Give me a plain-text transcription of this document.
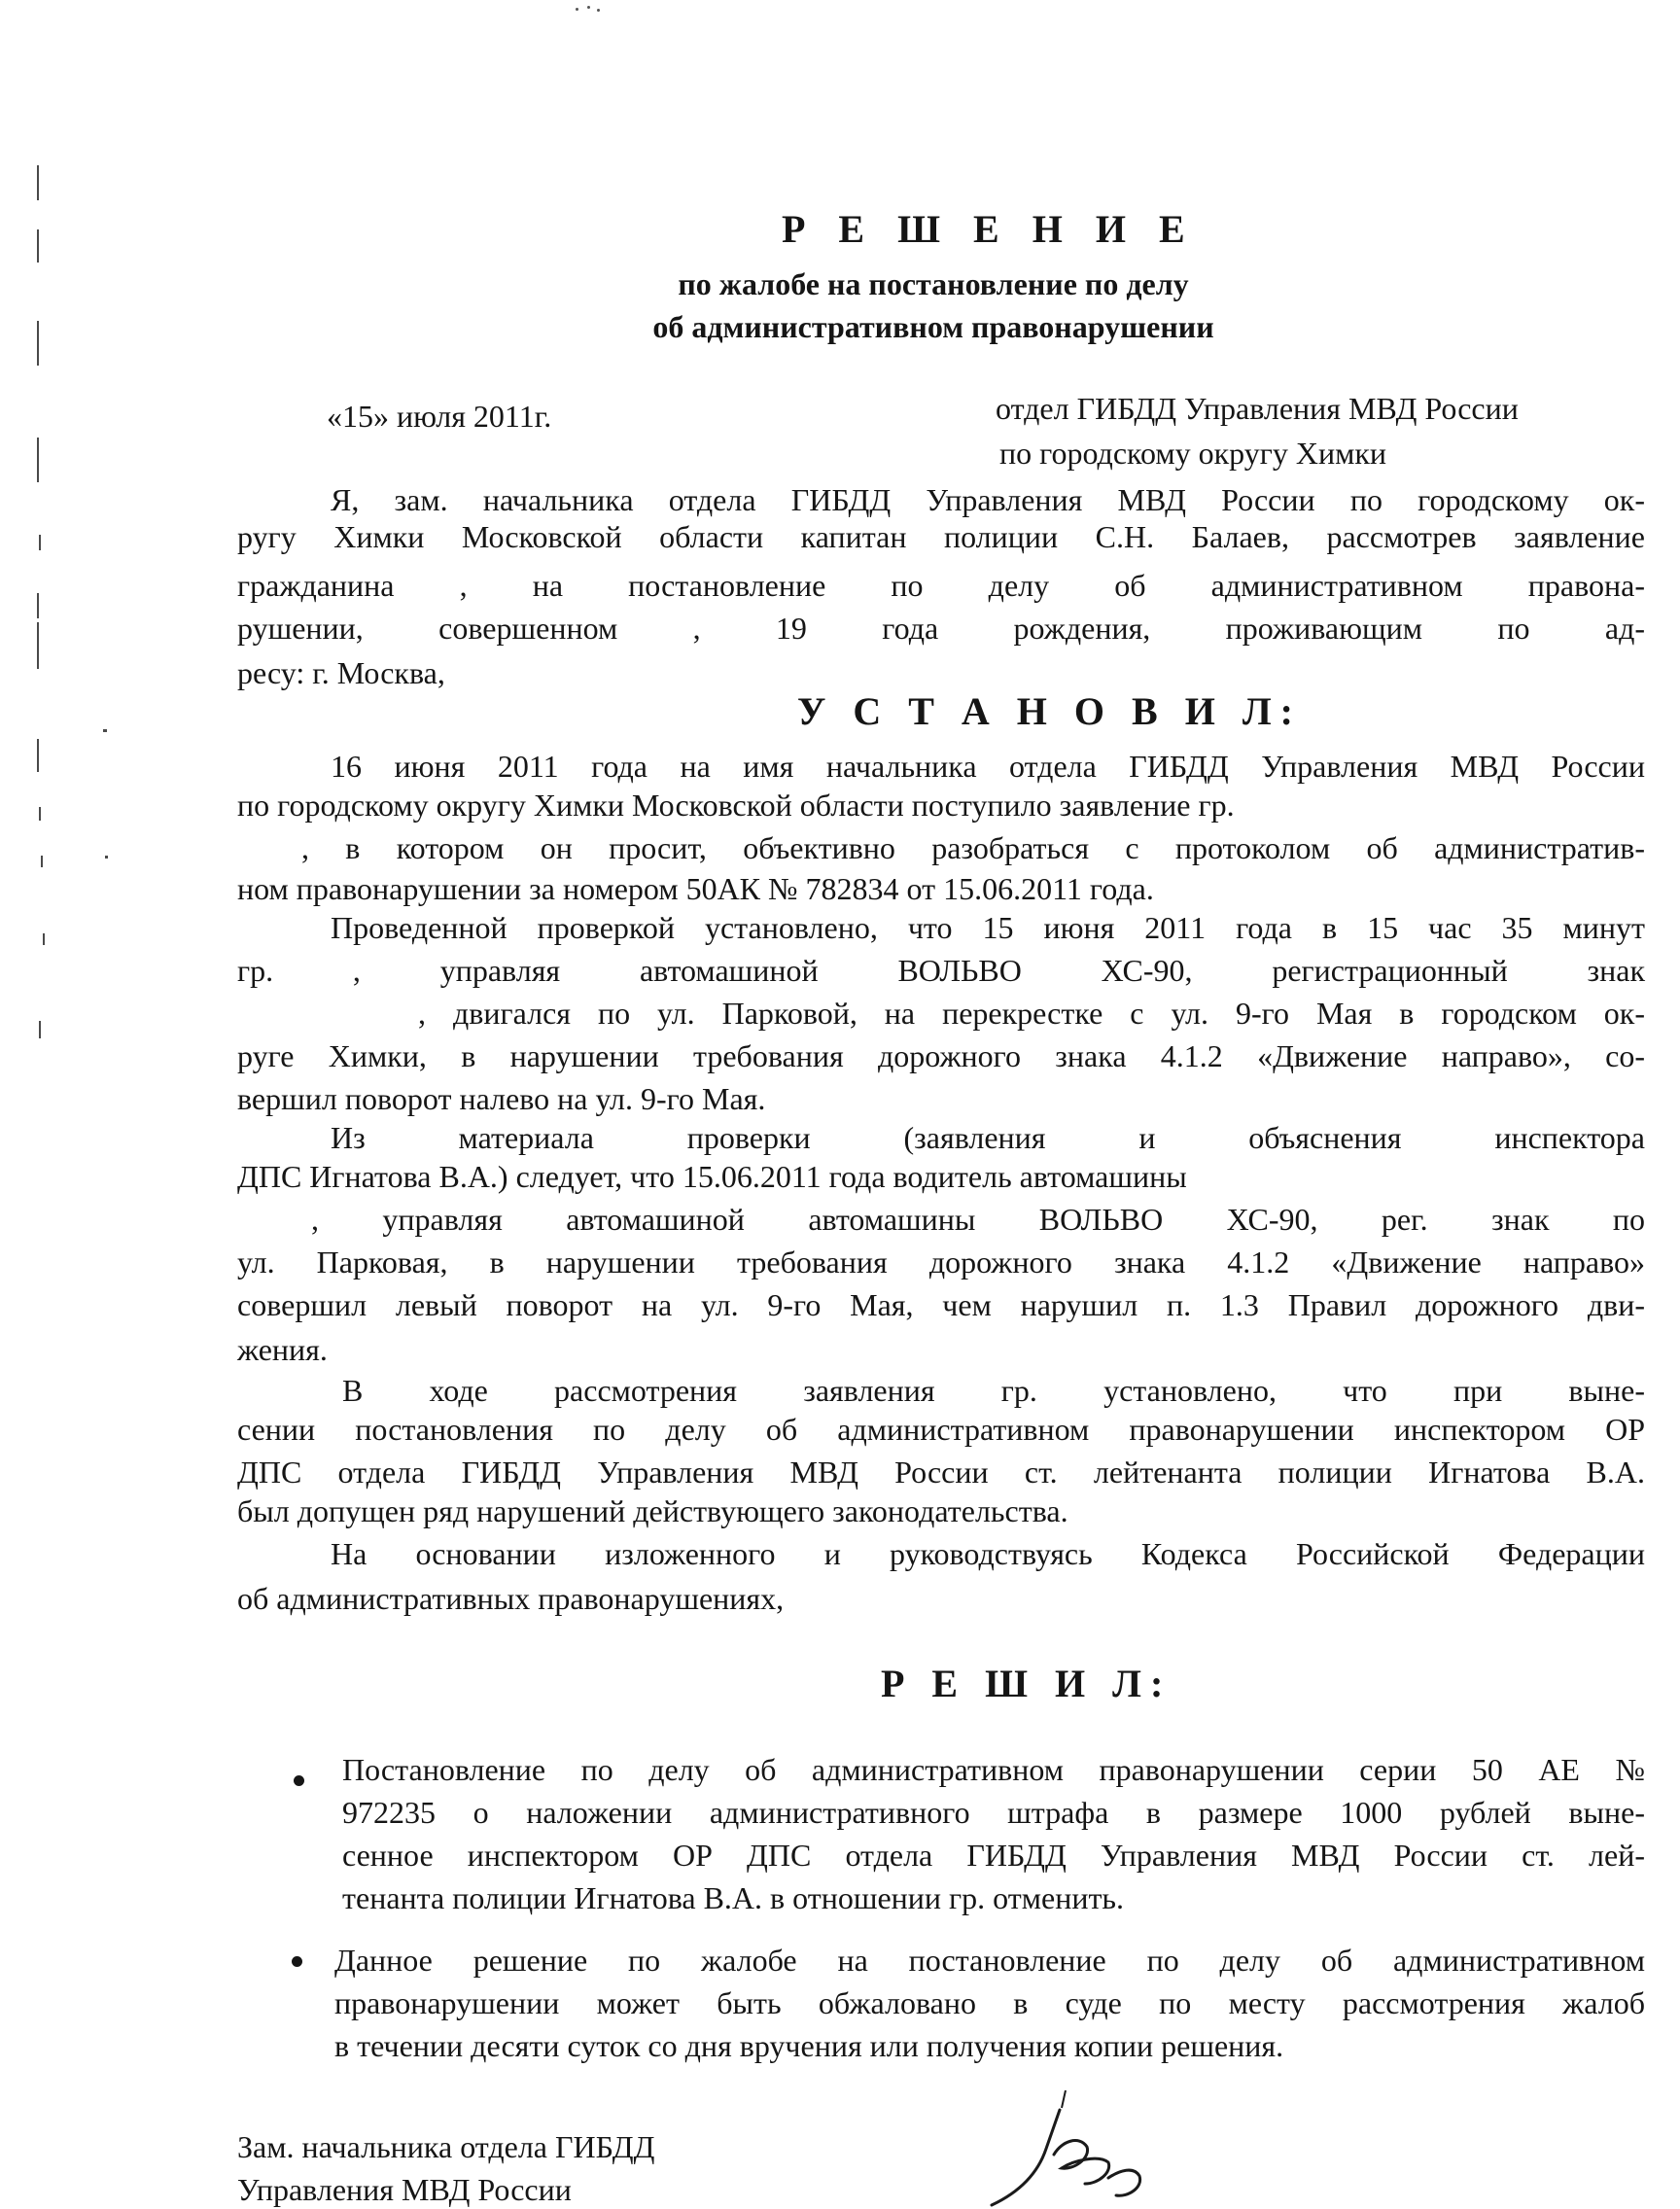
Р Е Ш Е Н И Е
по жалобе на постановление по делу
об административном правонарушении
«15» июля 2011г.	отдел ГИБДД Управления МВД России
по городскому округу Химки
Я, зам. начальника отдела ГИБДД Управления МВД России по городскому ок-
ругу Химки Московской области капитан полиции С.Н. Балаев, рассмотрев заявление
гражданина , на постановление по делу об административном правона-
рушении, совершенном , 19 года рождения, проживающим по ад-
ресу: г. Москва,
У С Т А Н О В И Л:
16 июня 2011 года на имя начальника отдела ГИБДД Управления МВД России
по городскому округу Химки Московской области поступило заявление гр.
, в котором он просит, объективно разобраться с протоколом об административ-
ном правонарушении за номером 50АК № 782834 от 15.06.2011 года.
Проведенной проверкой установлено, что 15 июня 2011 года в 15 час 35 минут
гр. , управляя автомашиной ВОЛЬВО ХС-90, регистрационный знак
, двигался по ул. Парковой, на перекрестке с ул. 9-го Мая в городском ок-
руге Химки, в нарушении требования дорожного знака 4.1.2 «Движение направо», со-
вершил поворот налево на ул. 9-го Мая.
Из материала проверки (заявления и объяснения инспектора
ДПС Игнатова В.А.) следует, что 15.06.2011 года водитель автомашины
, управляя автомашиной автомашины ВОЛЬВО ХС-90, рег. знак по
ул. Парковая, в нарушении требования дорожного знака 4.1.2 «Движение направо»
совершил левый поворот на ул. 9-го Мая, чем нарушил п. 1.3 Правил дорожного дви-
жения.
В ходе рассмотрения заявления гр. установлено, что при выне-
сении постановления по делу об административном правонарушении инспектором ОР
ДПС отдела ГИБДД Управления МВД России ст. лейтенанта полиции Игнатова В.А.
был допущен ряд нарушений действующего законодательства.
На основании изложенного и руководствуясь Кодекса Российской Федерации
об административных правонарушениях,
Р Е Ш И Л:
Постановление по делу об административном правонарушении серии 50 АЕ №
972235 о наложении административного штрафа в размере 1000 рублей выне-
сенное инспектором ОР ДПС отдела ГИБДД Управления МВД России ст. лей-
тенанта полиции Игнатова В.А. в отношении гр. отменить.
Данное решение по жалобе на постановление по делу об административном
правонарушении может быть обжаловано в суде по месту рассмотрения жалоб
в течении десяти суток со дня вручения или получения копии решения.
Зам. начальника отдела ГИБДД
Управления МВД России
